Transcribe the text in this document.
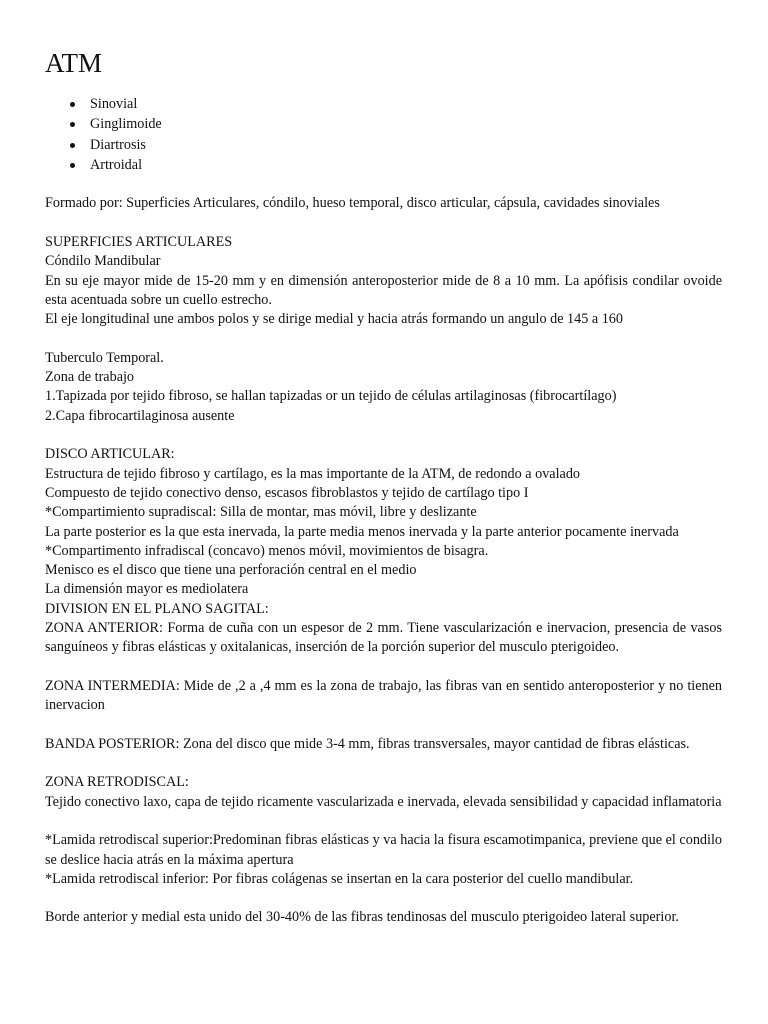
ATM
Sinovial
Ginglimoide
Diartrosis
Artroidal

Formado por: Superficies Articulares, cóndilo, hueso temporal, disco articular, cápsula, cavidades sinoviales

SUPERFICIES ARTICULARES

Cóndilo Mandibular

En su eje mayor mide de 15-20 mm y en dimensión anteroposterior mide de 8 a 10 mm. La apófisis condilar ovoide esta acentuada sobre un cuello estrecho.

El eje longitudinal une ambos polos y se dirige medial y hacia atrás formando un angulo de 145 a 160

Tuberculo Temporal.

Zona de trabajo

1.Tapizada por tejido fibroso, se hallan tapizadas or un tejido de células artilaginosas (fibrocartílago)

2.Capa fibrocartilaginosa ausente

DISCO ARTICULAR:

Estructura de tejido fibroso y cartílago, es la mas importante de la ATM, de redondo a ovalado

Compuesto de tejido conectivo denso, escasos fibroblastos y tejido de cartílago tipo I

*Compartimiento supradiscal: Silla de montar, mas móvil, libre y deslizante

La parte posterior es la que esta inervada, la parte media menos inervada y la parte anterior pocamente inervada

*Compartimento infradiscal (concavo) menos móvil, movimientos de bisagra.

Menisco es el disco que tiene una perforación central en el medio

La dimensión mayor es mediolatera

DIVISION EN EL PLANO SAGITAL:

ZONA ANTERIOR: Forma de cuña con un espesor de 2 mm. Tiene vascularización e inervacion, presencia de vasos sanguíneos y fibras elásticas y oxitalanicas, inserción de la porción superior del musculo pterigoideo.

ZONA INTERMEDIA: Mide de ,2 a ,4 mm es la zona de trabajo, las fibras van en sentido anteroposterior y no tienen inervacion

BANDA POSTERIOR: Zona del disco que mide 3-4 mm, fibras transversales, mayor cantidad de fibras elásticas.

ZONA RETRODISCAL:

Tejido conectivo laxo, capa de tejido ricamente vascularizada e inervada, elevada sensibilidad y capacidad inflamatoria

*Lamida retrodiscal superior:Predominan fibras elásticas y va hacia la fisura escamotimpanica, previene que el condilo se deslice hacia atrás en la máxima apertura

*Lamida retrodiscal inferior: Por fibras colágenas se insertan en la cara posterior del cuello mandibular.

Borde anterior y medial esta unido del 30-40% de las fibras tendinosas del musculo pterigoideo lateral superior.
